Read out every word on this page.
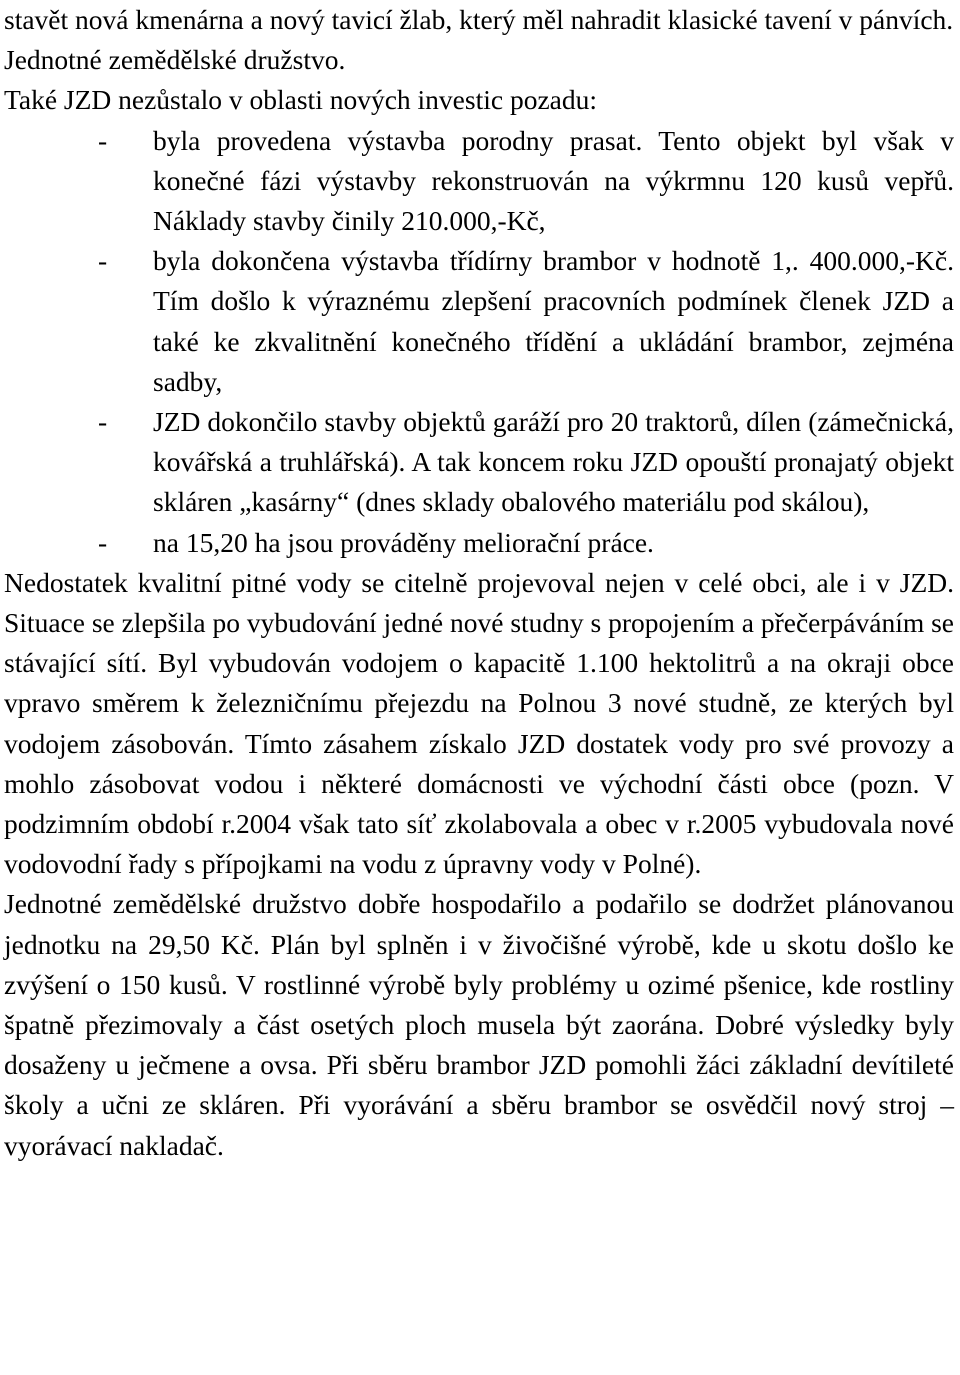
stavět nová kmenárna a nový tavicí žlab, který měl nahradit klasické tavení v pánvích.

Jednotné zemědělské družstvo.

Také JZD nezůstalo v oblasti nových investic pozadu:

- byla provedena výstavba porodny prasat. Tento objekt byl však v konečné fázi výstavby rekonstruován na výkrmnu 120 kusů vepřů. Náklady stavby činily 210.000,-Kč,
- byla dokončena výstavba třídírny brambor v hodnotě 1,. 400.000,-Kč. Tím došlo k výraznému zlepšení pracovních podmínek členek JZD a také ke zkvalitnění konečného třídění a ukládání brambor, zejména sadby,
- JZD dokončilo stavby objektů garáží pro 20 traktorů, dílen (zámečnická, kovářská a truhlářská). A tak koncem roku JZD opouští pronajatý objekt skláren „kasárny“ (dnes sklady obalového materiálu pod skálou),
- na 15,20 ha jsou prováděny meliorační práce.

Nedostatek kvalitní pitné vody se citelně projevoval nejen v celé obci, ale i v JZD. Situace se zlepšila po vybudování jedné nové studny s propojením a přečerpáváním se stávající sítí. Byl vybudován vodojem o kapacitě 1.100 hektolitrů a na okraji obce vpravo směrem k železničnímu přejezdu na Polnou 3 nové studně, ze kterých byl vodojem zásobován. Tímto zásahem získalo JZD dostatek vody pro své provozy a mohlo zásobovat vodou i některé domácnosti ve východní části obce (pozn. V podzimním období r.2004 však tato síť zkolabovala a obec v r.2005 vybudovala nové vodovodní řady s přípojkami na vodu z úpravny vody v Polné).

Jednotné zemědělské družstvo dobře hospodařilo a podařilo se dodržet plánovanou jednotku na 29,50 Kč. Plán byl splněn i v živočišné výrobě, kde u skotu došlo ke zvýšení o 150 kusů. V rostlinné výrobě byly problémy u ozimé pšenice, kde rostliny špatně přezimovaly a část osetých ploch musela být zaorána. Dobré výsledky byly dosaženy u ječmene a ovsa. Při sběru brambor JZD pomohli žáci základní devítileté školy a učni ze skláren. Při vyorávání a sběru brambor se osvědčil nový stroj – vyorávací nakladač.
